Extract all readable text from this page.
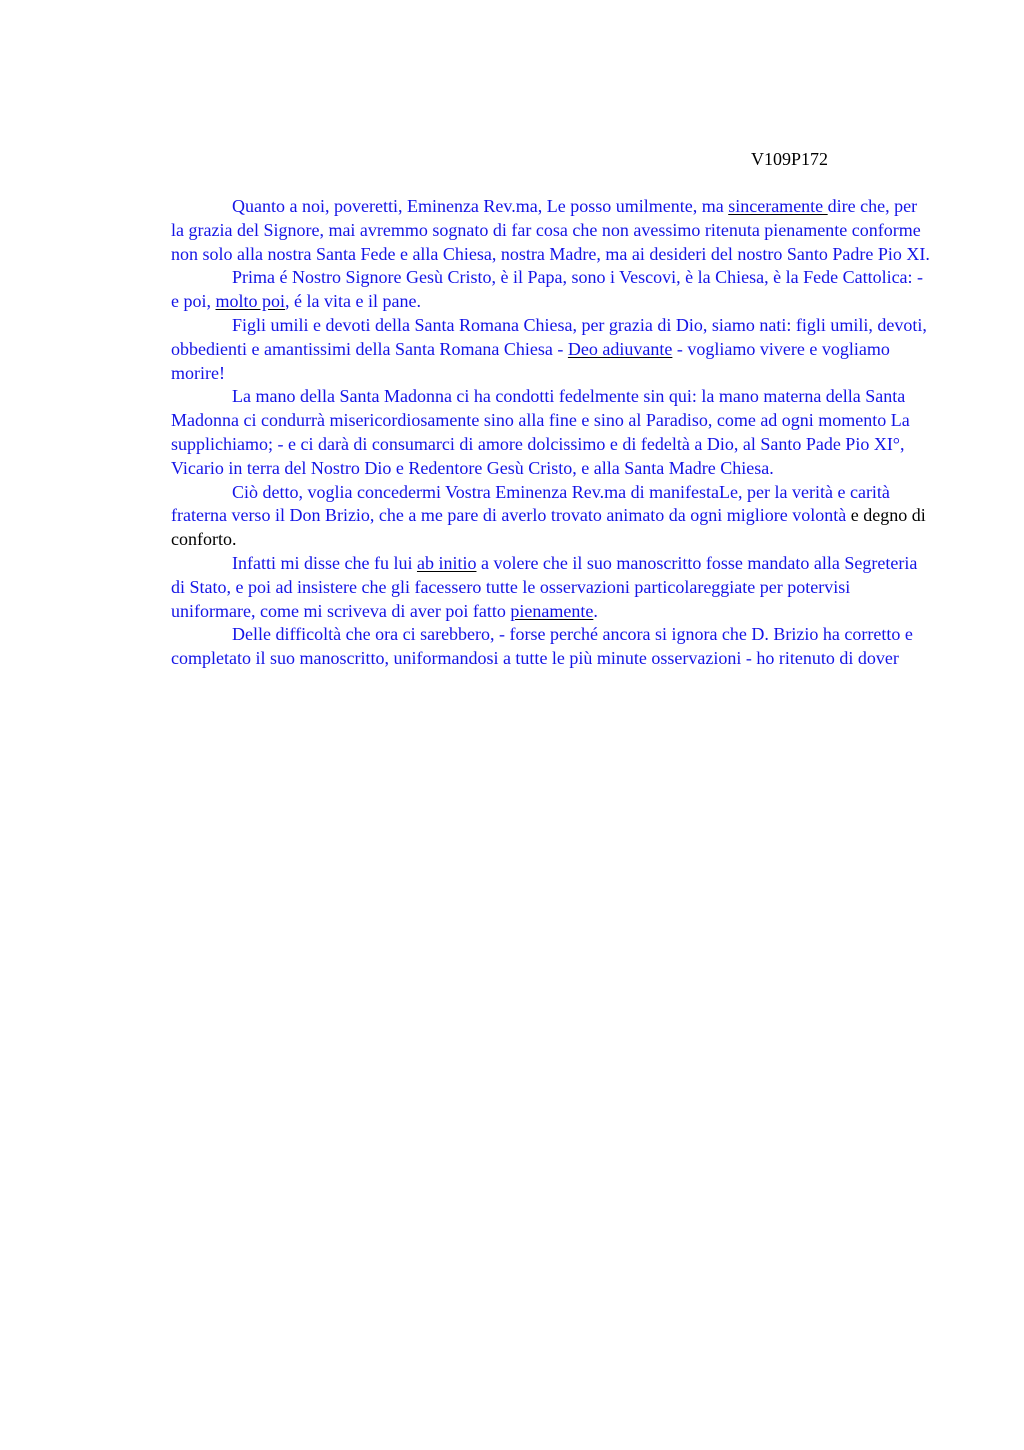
V109P172

Quanto a noi, poveretti, Eminenza Rev.ma, Le posso umilmente, ma sinceramente dire che, per la grazia del Signore, mai avremmo sognato di far cosa che non avessimo ritenuta pienamente conforme non solo alla nostra Santa Fede e alla Chiesa, nostra Madre, ma ai desideri del nostro Santo Padre Pio XI.

Prima é Nostro Signore Gesù Cristo, è il Papa, sono i Vescovi, è la Chiesa, è la Fede Cattolica: - e poi, molto poi, é la vita e il pane.

Figli umili e devoti della Santa Romana Chiesa, per grazia di Dio, siamo nati: figli umili, devoti, obbedienti e amantissimi della Santa Romana Chiesa - Deo adiuvante - vogliamo vivere e vogliamo morire!

La mano della Santa Madonna ci ha condotti fedelmente sin qui: la mano materna della Santa Madonna ci condurrà misericordiosamente sino alla fine e sino al Paradiso, come ad ogni momento La supplichiamo; - e ci darà di consumarci di amore dolcissimo e di fedeltà a Dio, al Santo Pade Pio XI°, Vicario in terra del Nostro Dio e Redentore Gesù Cristo, e alla Santa Madre Chiesa.

Ciò detto, voglia concedermi Vostra Eminenza Rev.ma di manifestaLe, per la verità e carità fraterna verso il Don Brizio, che a me pare di averlo trovato animato da ogni migliore volontà e degno di conforto.

Infatti mi disse che fu lui ab initio a volere che il suo manoscritto fosse mandato alla Segreteria di Stato, e poi ad insistere che gli facessero tutte le osservazioni particolareggiate per potervisi uniformare, come mi scriveva di aver poi fatto pienamente.

Delle difficoltà che ora ci sarebbero, - forse perché ancora si ignora che D. Brizio ha corretto e completato il suo manoscritto, uniformandosi a tutte le più minute osservazioni - ho ritenuto di dover
